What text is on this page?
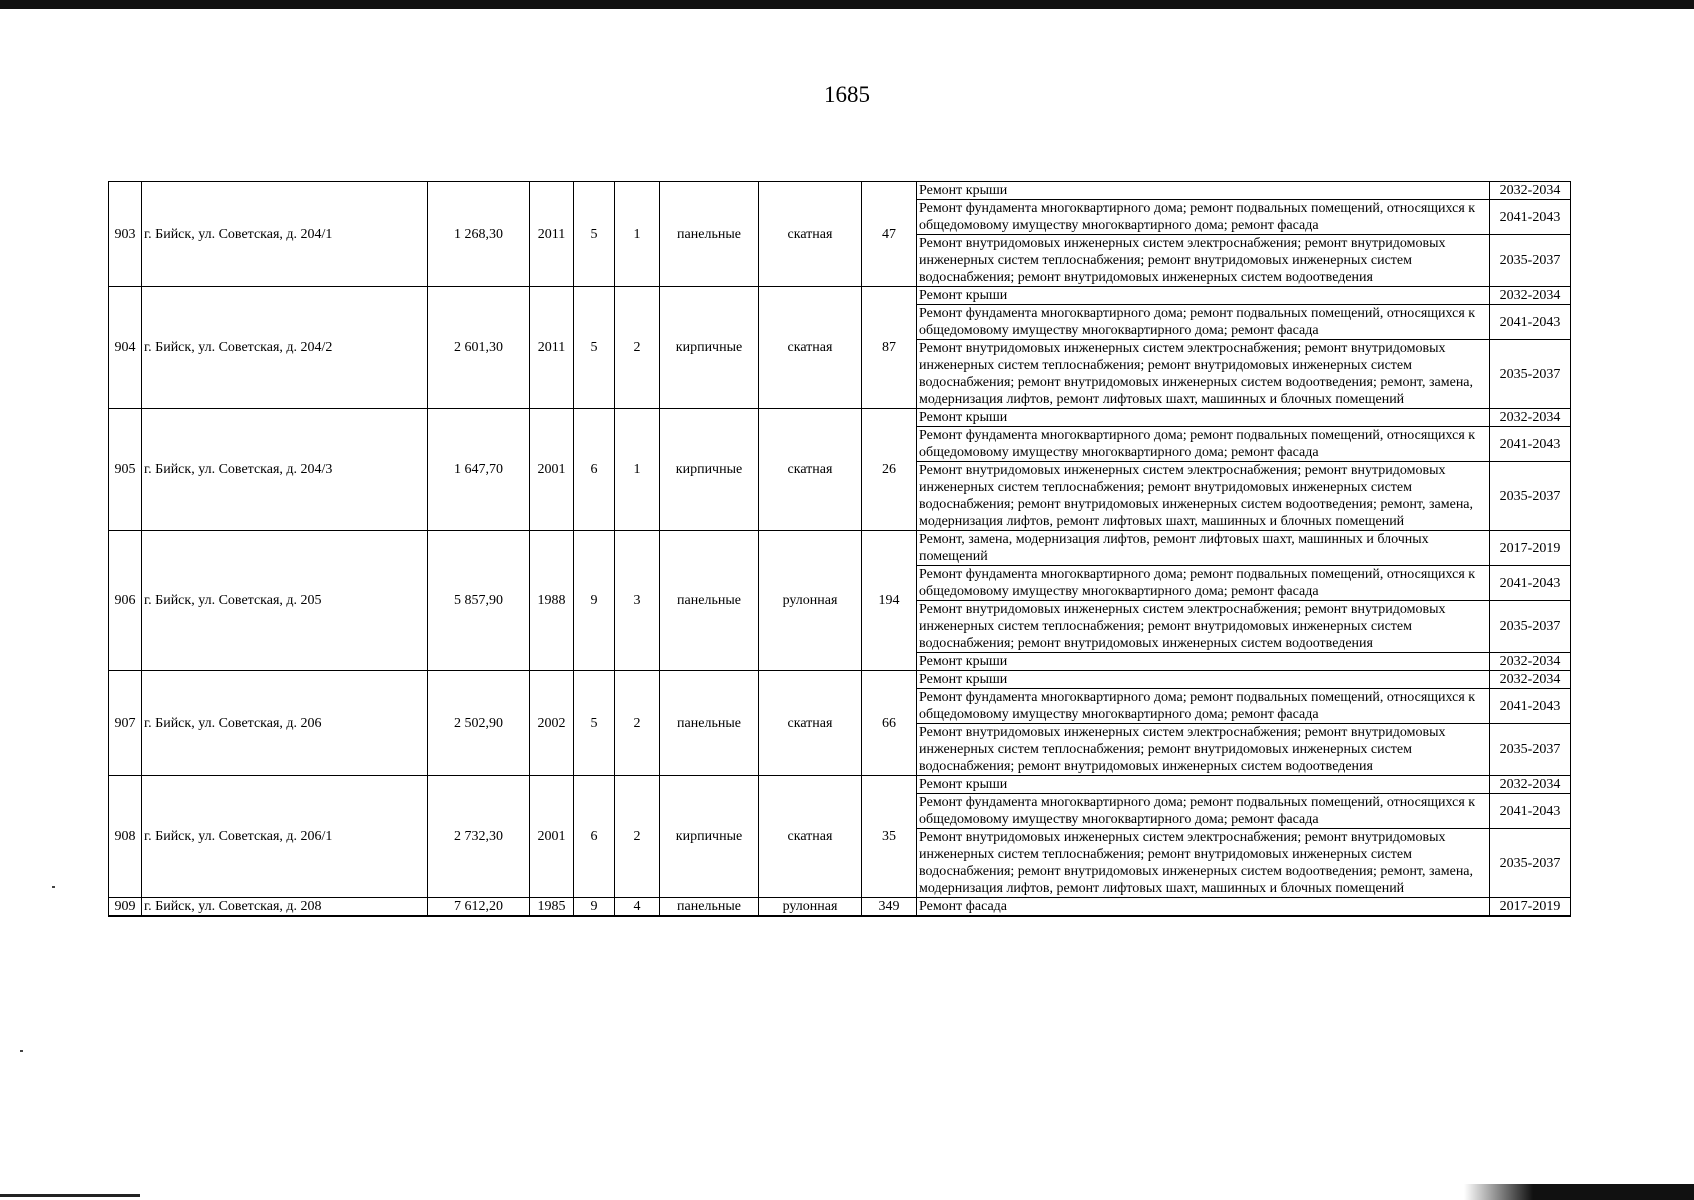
1685
903	г. Бийск, ул. Советская, д. 204/1	1 268,30	2011	5	1	панельные	скатная	47	Ремонт крыши	2032-2034
									Ремонт фундамента многоквартирного дома; ремонт подвальных помещений, относящихся к общедомовому имуществу многоквартирного дома; ремонт фасада	2041-2043
									Ремонт внутридомовых инженерных систем электроснабжения; ремонт внутридомовых инженерных систем теплоснабжения; ремонт внутридомовых инженерных систем водоснабжения; ремонт внутридомовых инженерных систем водоотведения	2035-2037
904	г. Бийск, ул. Советская, д. 204/2	2 601,30	2011	5	2	кирпичные	скатная	87	Ремонт крыши	2032-2034
									Ремонт фундамента многоквартирного дома; ремонт подвальных помещений, относящихся к общедомовому имуществу многоквартирного дома; ремонт фасада	2041-2043
									Ремонт внутридомовых инженерных систем электроснабжения; ремонт внутридомовых инженерных систем теплоснабжения; ремонт внутридомовых инженерных систем водоснабжения; ремонт внутридомовых инженерных систем водоотведения; ремонт, замена, модернизация лифтов, ремонт лифтовых шахт, машинных и блочных помещений	2035-2037
905	г. Бийск, ул. Советская, д. 204/3	1 647,70	2001	6	1	кирпичные	скатная	26	Ремонт крыши	2032-2034
									Ремонт фундамента многоквартирного дома; ремонт подвальных помещений, относящихся к общедомовому имуществу многоквартирного дома; ремонт фасада	2041-2043
									Ремонт внутридомовых инженерных систем электроснабжения; ремонт внутридомовых инженерных систем теплоснабжения; ремонт внутридомовых инженерных систем водоснабжения; ремонт внутридомовых инженерных систем водоотведения; ремонт, замена, модернизация лифтов, ремонт лифтовых шахт, машинных и блочных помещений	2035-2037
906	г. Бийск, ул. Советская, д. 205	5 857,90	1988	9	3	панельные	рулонная	194	Ремонт, замена, модернизация лифтов, ремонт лифтовых шахт, машинных и блочных помещений	2017-2019
									Ремонт фундамента многоквартирного дома; ремонт подвальных помещений, относящихся к общедомовому имуществу многоквартирного дома; ремонт фасада	2041-2043
									Ремонт внутридомовых инженерных систем электроснабжения; ремонт внутридомовых инженерных систем теплоснабжения; ремонт внутридомовых инженерных систем водоснабжения; ремонт внутридомовых инженерных систем водоотведения	2035-2037
									Ремонт крыши	2032-2034
907	г. Бийск, ул. Советская, д. 206	2 502,90	2002	5	2	панельные	скатная	66	Ремонт крыши	2032-2034
									Ремонт фундамента многоквартирного дома; ремонт подвальных помещений, относящихся к общедомовому имуществу многоквартирного дома; ремонт фасада	2041-2043
									Ремонт внутридомовых инженерных систем электроснабжения; ремонт внутридомовых инженерных систем теплоснабжения; ремонт внутридомовых инженерных систем водоснабжения; ремонт внутридомовых инженерных систем водоотведения	2035-2037
908	г. Бийск, ул. Советская, д. 206/1	2 732,30	2001	6	2	кирпичные	скатная	35	Ремонт крыши	2032-2034
									Ремонт фундамента многоквартирного дома; ремонт подвальных помещений, относящихся к общедомовому имуществу многоквартирного дома; ремонт фасада	2041-2043
									Ремонт внутридомовых инженерных систем электроснабжения; ремонт внутридомовых инженерных систем теплоснабжения; ремонт внутридомовых инженерных систем водоснабжения; ремонт внутридомовых инженерных систем водоотведения; ремонт, замена, модернизация лифтов, ремонт лифтовых шахт, машинных и блочных помещений	2035-2037
909	г. Бийск, ул. Советская, д. 208	7 612,20	1985	9	4	панельные	рулонная	349	Ремонт фасада	2017-2019
